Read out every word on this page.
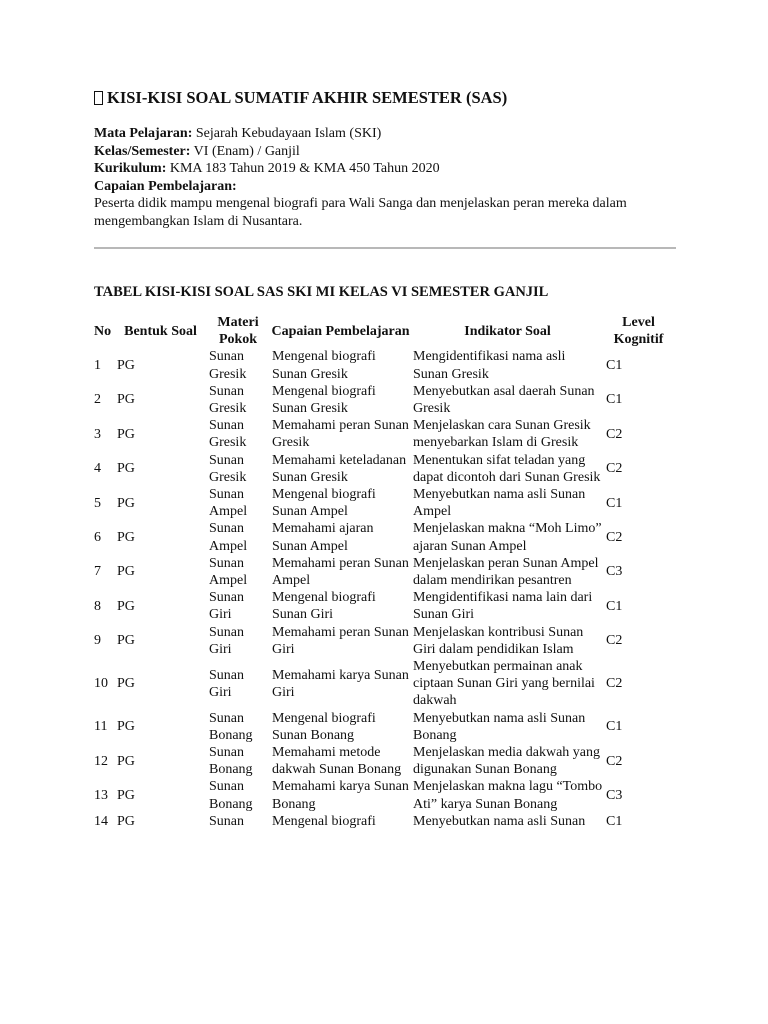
KISI-KISI SOAL SUMATIF AKHIR SEMESTER (SAS)
Mata Pelajaran: Sejarah Kebudayaan Islam (SKI)
Kelas/Semester: VI (Enam) / Ganjil
Kurikulum: KMA 183 Tahun 2019 & KMA 450 Tahun 2020
Capaian Pembelajaran:
Peserta didik mampu mengenal biografi para Wali Sanga dan menjelaskan peran mereka dalam mengembangkan Islam di Nusantara.
TABEL KISI-KISI SOAL SAS SKI MI KELAS VI SEMESTER GANJIL
No	Bentuk Soal	Materi Pokok	Capaian Pembelajaran	Indikator Soal	Level Kognitif
1	PG	Sunan Gresik	Mengenal biografi Sunan Gresik	Mengidentifikasi nama asli Sunan Gresik	C1
2	PG	Sunan Gresik	Mengenal biografi Sunan Gresik	Menyebutkan asal daerah Sunan Gresik	C1
3	PG	Sunan Gresik	Memahami peran Sunan Gresik	Menjelaskan cara Sunan Gresik menyebarkan Islam di Gresik	C2
4	PG	Sunan Gresik	Memahami keteladanan Sunan Gresik	Menentukan sifat teladan yang dapat dicontoh dari Sunan Gresik	C2
5	PG	Sunan Ampel	Mengenal biografi Sunan Ampel	Menyebutkan nama asli Sunan Ampel	C1
6	PG	Sunan Ampel	Memahami ajaran Sunan Ampel	Menjelaskan makna “Moh Limo” ajaran Sunan Ampel	C2
7	PG	Sunan Ampel	Memahami peran Sunan Ampel	Menjelaskan peran Sunan Ampel dalam mendirikan pesantren	C3
8	PG	Sunan Giri	Mengenal biografi Sunan Giri	Mengidentifikasi nama lain dari Sunan Giri	C1
9	PG	Sunan Giri	Memahami peran Sunan Giri	Menjelaskan kontribusi Sunan Giri dalam pendidikan Islam	C2
10	PG	Sunan Giri	Memahami karya Sunan Giri	Menyebutkan permainan anak ciptaan Sunan Giri yang bernilai dakwah	C2
11	PG	Sunan Bonang	Mengenal biografi Sunan Bonang	Menyebutkan nama asli Sunan Bonang	C1
12	PG	Sunan Bonang	Memahami metode dakwah Sunan Bonang	Menjelaskan media dakwah yang digunakan Sunan Bonang	C2
13	PG	Sunan Bonang	Memahami karya Sunan Bonang	Menjelaskan makna lagu “Tombo Ati” karya Sunan Bonang	C3
14	PG	Sunan	Mengenal biografi	Menyebutkan nama asli Sunan	C1
